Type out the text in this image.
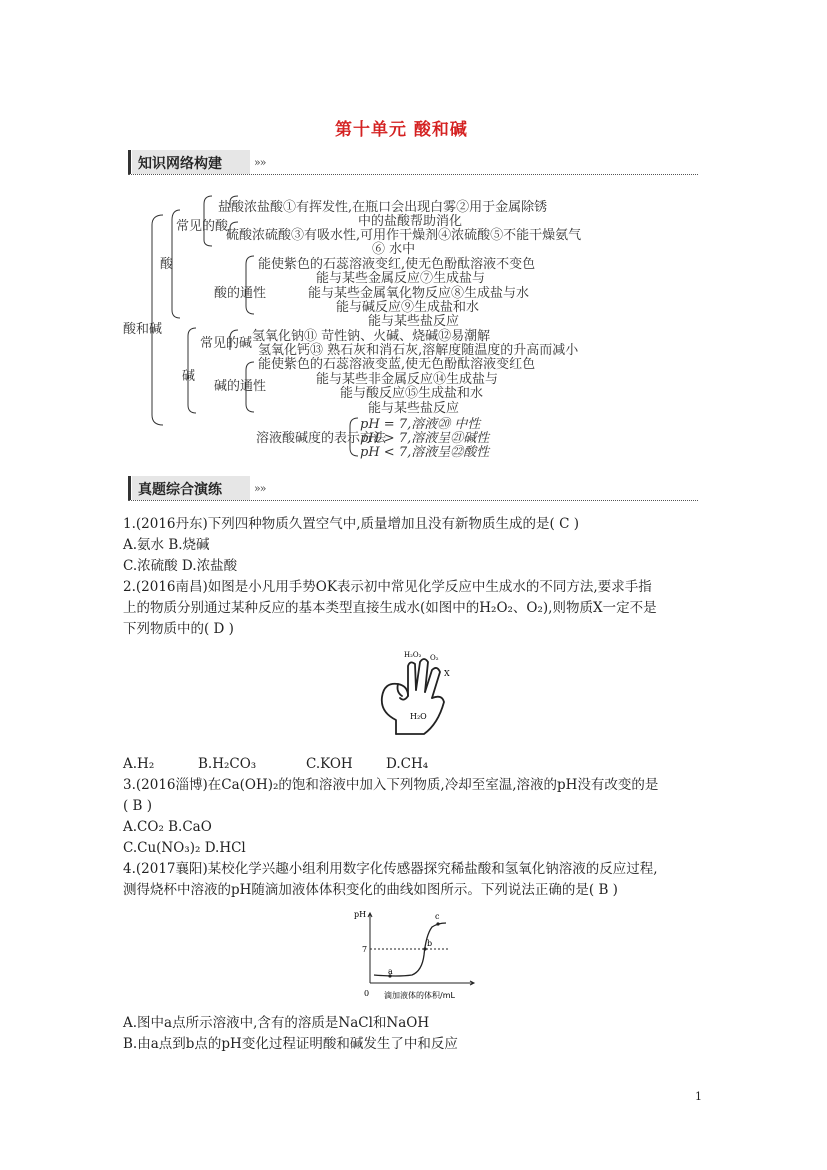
第十单元 酸和碱
知识网络构建	»»
酸和碱
酸
碱
常见的酸
酸的通性
常见的碱
碱的通性
盐酸 浓盐酸①有挥发性,在瓶口会出现白雾②用于金属除锈
中的盐酸帮助消化
硫酸 浓硫酸③有吸水性,可用作干燥剂④浓硫酸⑤不能干燥氨气
⑥ 水中
能使紫色的石蕊溶液变红,使无色酚酞溶液不变色
能与某些金属反应⑦生成盐与
能与某些金属氧化物反应⑧生成盐与水
能与碱反应⑨生成盐和水
能与某些盐反应
氢氧化钠⑪ 苛性钠、火碱、烧碱⑫易潮解
氢氧化钙⑬ 熟石灰和消石灰,溶解度随温度的升高而减小
能使紫色的石蕊溶液变蓝,使无色酚酞溶液变红色
能与某些非金属反应⑭生成盐与
能与酸反应⑮生成盐和水
能与某些盐反应
溶液酸碱度的表示方法
pH = 7,溶液⑳ 中性
pH > 7,溶液呈㉑碱性
pH < 7,溶液呈㉒酸性
真题综合演练	»»
1.(2016丹东)下列四种物质久置空气中,质量增加且没有新物质生成的是( C )
A.氨水 B.烧碱
C.浓硫酸 D.浓盐酸
2.(2016南昌)如图是小凡用手势OK表示初中常见化学反应中生成水的不同方法,要求手指
上的物质分别通过某种反应的基本类型直接生成水(如图中的H₂O₂、O₂),则物质X一定不是
下列物质中的( D )
H₂O
H₂O₂ O₂
X
A.H₂	B.H₂CO₃	C.KOH D.CH₄
3.(2016淄博)在Ca(OH)₂的饱和溶液中加入下列物质,冷却至室温,溶液的pH没有改变的是
( B )
A.CO₂ B.CaO
C.Cu(NO₃)₂ D.HCl
4.(2017襄阳)某校化学兴趣小组利用数字化传感器探究稀盐酸和氢氧化钠溶液的反应过程,
测得烧杯中溶液的pH随滴加液体体积变化的曲线如图所示。下列说法正确的是( B )
pH
7
0
a
b
c
滴加液体的体积/mL
A.图中a点所示溶液中,含有的溶质是NaCl和NaOH
B.由a点到b点的pH变化过程证明酸和碱发生了中和反应
1
